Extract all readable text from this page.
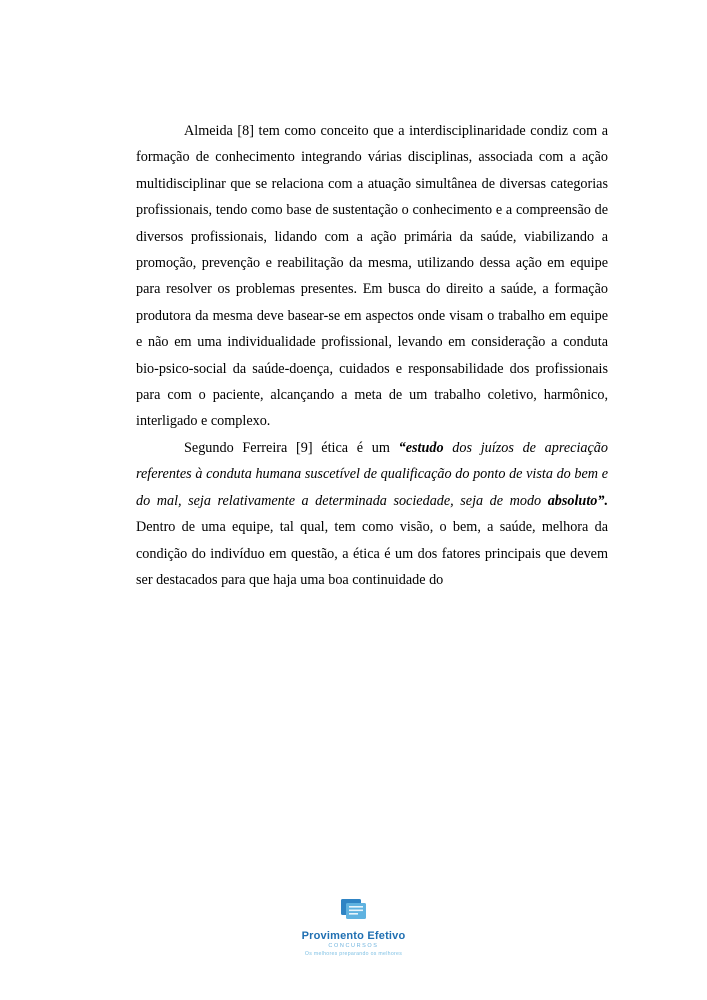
Almeida [8] tem como conceito que a interdisciplinaridade condiz com a formação de conhecimento integrando várias disciplinas, associada com a ação multidisciplinar que se relaciona com a atuação simultânea de diversas categorias profissionais, tendo como base de sustentação o conhecimento e a compreensão de diversos profissionais, lidando com a ação primária da saúde, viabilizando a promoção, prevenção e reabilitação da mesma, utilizando dessa ação em equipe para resolver os problemas presentes. Em busca do direito a saúde, a formação produtora da mesma deve basear-se em aspectos onde visam o trabalho em equipe e não em uma individualidade profissional, levando em consideração a conduta bio-psico-social da saúde-doença, cuidados e responsabilidade dos profissionais para com o paciente, alcançando a meta de um trabalho coletivo, harmônico, interligado e complexo.

Segundo Ferreira [9] ética é um “estudo dos juízos de apreciação referentes à conduta humana suscetível de qualificação do ponto de vista do bem e do mal, seja relativamente a determinada sociedade, seja de modo absoluto”. Dentro de uma equipe, tal qual, tem como visão, o bem, a saúde, melhora da condição do indivíduo em questão, a ética é um dos fatores principais que devem ser destacados para que haja uma boa continuidade do

Provimento Efetivo
CONCURSOS
Os melhores preparando os melhores
